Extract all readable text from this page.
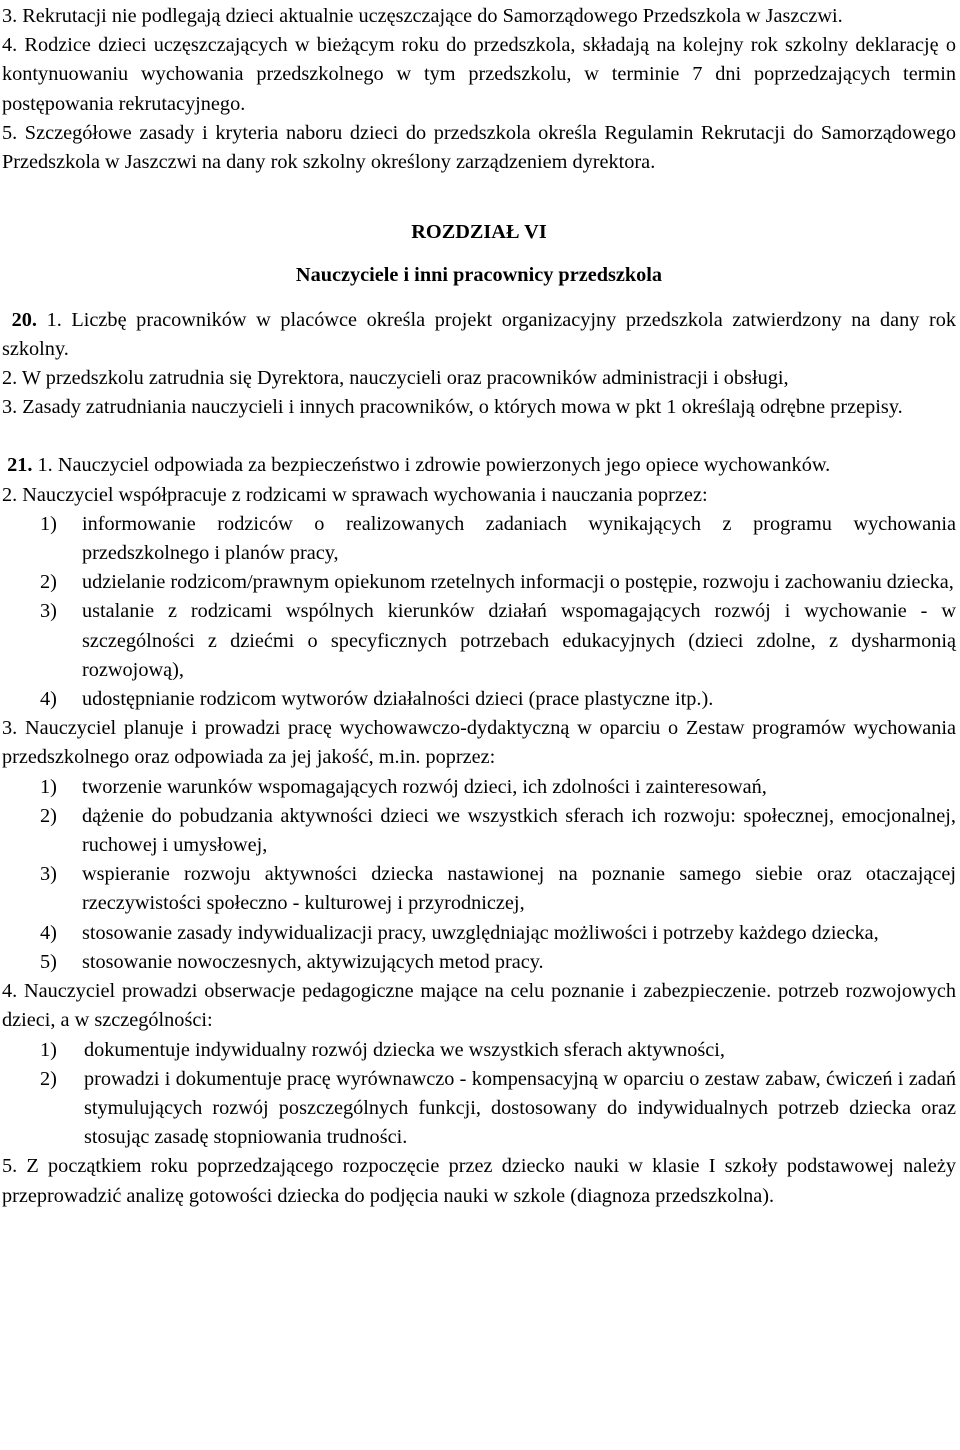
3. Rekrutacji nie podlegają dzieci aktualnie uczęszczające do Samorządowego Przedszkola w Jaszczwi.

4. Rodzice dzieci uczęszczających w bieżącym roku do przedszkola, składają na kolejny rok szkolny deklarację o kontynuowaniu wychowania przedszkolnego w tym przedszkolu, w terminie 7 dni poprzedzających termin postępowania rekrutacyjnego.

5. Szczegółowe zasady i kryteria naboru dzieci do przedszkola określa Regulamin Rekrutacji do Samorządowego Przedszkola w Jaszczwi na dany rok szkolny określony zarządzeniem dyrektora.

ROZDZIAŁ VI
Nauczyciele i inni pracownicy przedszkola

20. 1. Liczbę pracowników w placówce określa projekt organizacyjny przedszkola zatwierdzony na dany rok szkolny.

2. W przedszkolu zatrudnia się Dyrektora, nauczycieli oraz pracowników administracji i obsługi,

3. Zasady zatrudniania nauczycieli i innych pracowników, o których mowa w pkt 1 określają odrębne przepisy.

21. 1. Nauczyciel odpowiada za bezpieczeństwo i zdrowie powierzonych jego opiece wychowanków.

2. Nauczyciel współpracuje z rodzicami w sprawach wychowania i nauczania poprzez:

1) informowanie rodziców o realizowanych zadaniach wynikających z programu wychowania przedszkolnego i planów pracy,
2) udzielanie rodzicom/prawnym opiekunom rzetelnych informacji o postępie, rozwoju i zachowaniu dziecka,
3) ustalanie z rodzicami wspólnych kierunków działań wspomagających rozwój i wychowanie - w szczególności z dziećmi o specyficznych potrzebach edukacyjnych (dzieci zdolne, z dysharmonią rozwojową),
4) udostępnianie rodzicom wytworów działalności dzieci (prace plastyczne itp.).

3. Nauczyciel planuje i prowadzi pracę wychowawczo-dydaktyczną w oparciu o Zestaw programów wychowania przedszkolnego oraz odpowiada za jej jakość, m.in. poprzez:

1) tworzenie warunków wspomagających rozwój dzieci, ich zdolności i zainteresowań,
2) dążenie do pobudzania aktywności dzieci we wszystkich sferach ich rozwoju: społecznej, emocjonalnej, ruchowej i umysłowej,
3) wspieranie rozwoju aktywności dziecka nastawionej na poznanie samego siebie oraz otaczającej rzeczywistości społeczno - kulturowej i przyrodniczej,
4) stosowanie zasady indywidualizacji pracy, uwzględniając możliwości i potrzeby każdego dziecka,
5) stosowanie nowoczesnych, aktywizujących metod pracy.

4. Nauczyciel prowadzi obserwacje pedagogiczne mające na celu poznanie i zabezpieczenie. potrzeb rozwojowych dzieci, a w szczególności:

1) dokumentuje indywidualny rozwój dziecka we wszystkich sferach aktywności,
2) prowadzi i dokumentuje pracę wyrównawczo - kompensacyjną w oparciu o zestaw zabaw, ćwiczeń i zadań stymulujących rozwój poszczególnych funkcji, dostosowany do indywidualnych potrzeb dziecka oraz stosując zasadę stopniowania trudności.

5. Z początkiem roku poprzedzającego rozpoczęcie przez dziecko nauki w klasie I szkoły podstawowej należy przeprowadzić analizę gotowości dziecka do podjęcia nauki w szkole (diagnoza przedszkolna).
